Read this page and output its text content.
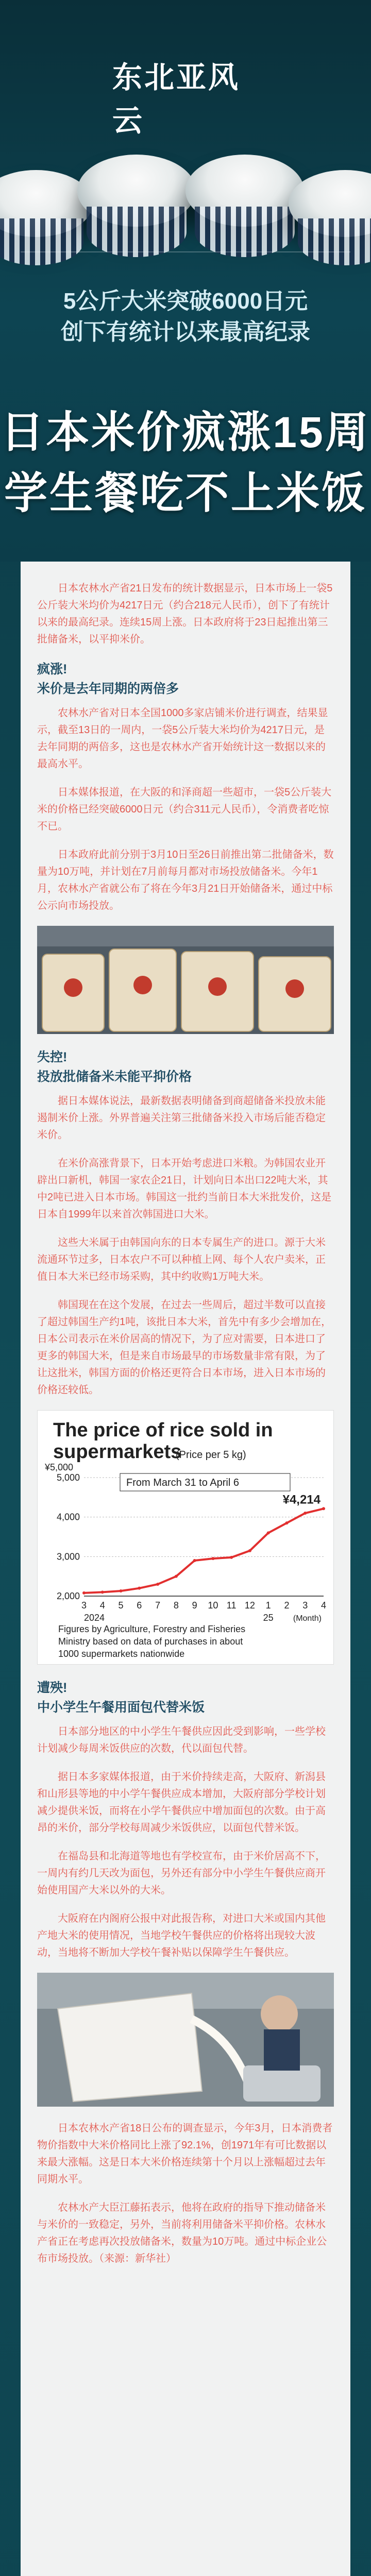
东北亚风云
5公斤大米突破6000日元
创下有统计以来最高纪录
日本米价疯涨15周
学生餐吃不上米饭

日本农林水产省21日发布的统计数据显示，日本市场上一袋5公斤装大米均价为4217日元（约合218元人民币），创下了有统计以来的最高纪录。连续15周上涨。日本政府将于23日起推出第三批储备米，以平抑米价。

疯涨!
米价是去年同期的两倍多

农林水产省对日本全国1000多家店铺米价进行调查，结果显示，截至13日的一周内，一袋5公斤装大米均价为4217日元，是去年同期的两倍多，这也是农林水产省开始统计这一数据以来的最高水平。

日本媒体报道，在大阪的和泽商超一些超市，一袋5公斤装大米的价格已经突破6000日元（约合311元人民币），令消费者吃惊不已。

日本政府此前分别于3月10日至26日前推出第二批储备米，数量为10万吨，并计划在7月前每月都对市场投放储备米。今年1月，农林水产省就公布了将在今年3月21日开始储备米，通过中标公示向市场投放。

失控!
投放批储备米未能平抑价格

据日本媒体说法，最新数据表明储备到商超储备米投放未能遏制米价上涨。外界普遍关注第三批储备米投入市场后能否稳定米价。

在米价高涨背景下，日本开始考虑进口米粮。为韩国农业开辟出口新机，韩国一家农企21日，计划向日本出口22吨大米，其中2吨已进入日本市场。韩国这一批约当前日本大米批发价，这是日本自1999年以来首次韩国进口大米。

这些大米属于由韩国向东的日本专属生产的进口。源于大米流通环节过多，日本农户不可以种植上网、每个人农户卖米，正值日本大米已经市场采购，其中约收购1万吨大米。

韩国现在在这个发展，在过去一些周后，超过半数可以直接了超过韩国生产约1吨，该批日本大米，首先中有多少会增加在，日本公司表示在米价居高的情况下，为了应对需要，日本进口了更多的韩国大米，但是来自市场最早的市场数量非常有限，为了让这批米，韩国方面的价格还更符合日本市场，进入日本市场的价格还较低。

The price of rice sold in
supermarkets
(Price per 5 kg)
5,000
4,000
3,000
2,000
¥5,000
3 4 5 6 7 8 9 10 11 12 1 2 3 4
2024	25 (Month)
¥4,214
From March 31 to April 6
Figures by Agriculture, Forestry and Fisheries
Ministry based on data of purchases in about
1000 supermarkets nationwide
遭殃!
中小学生午餐用面包代替米饭

日本部分地区的中小学生午餐供应因此受到影响，一些学校计划减少每周米饭供应的次数，代以面包代替。

据日本多家媒体报道，由于米价持续走高，大阪府、新潟县和山形县等地的中小学午餐供应成本增加，大阪府部分学校计划减少提供米饭，而将在小学午餐供应中增加面包的次数。由于高昂的米价，部分学校每周减少米饭供应，以面包代替米饭。

在福岛县和北海道等地也有学校宣布，由于米价居高不下，一周内有约几天改为面包，另外还有部分中小学生午餐供应商开始使用国产大米以外的大米。

大阪府在内阁府公报中对此报告称，对进口大米或国内其他产地大米的使用情况，当地学校午餐供应的价格将出现较大波动，当地将不断加大学校午餐补贴以保障学生午餐供应。

日本农林水产省18日公布的调查显示，今年3月，日本消费者物价指数中大米价格同比上涨了92.1%，创1971年有可比数据以来最大涨幅。这是日本大米价格连续第十个月以上涨幅超过去年同期水平。

农林水产大臣江藤拓表示，他将在政府的指导下推动储备米与米价的一致稳定，另外，当前将利用储备米平抑价格。农林水产省正在考虑再次投放储备米，数量为10万吨。通过中标企业公布市场投放。（来源：新华社）
